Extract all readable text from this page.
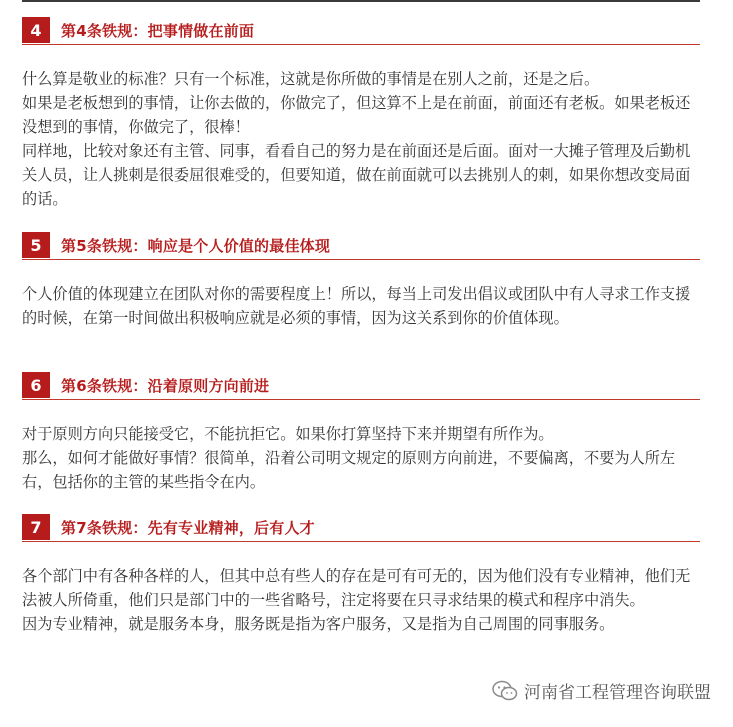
4	第4条铁规：把事情做在前面

什么算是敬业的标准？只有一个标准，这就是你所做的事情是在别人之前，还是之后。

如果是老板想到的事情，让你去做的，你做完了，但这算不上是在前面，前面还有老板。如果老板还没想到的事情，你做完了，很棒！

同样地，比较对象还有主管、同事，看看自己的努力是在前面还是后面。面对一大摊子管理及后勤机关人员，让人挑刺是很委屈很难受的，但要知道，做在前面就可以去挑别人的刺，如果你想改变局面的话。

5	第5条铁规：响应是个人价值的最佳体现

个人价值的体现建立在团队对你的需要程度上！所以，每当上司发出倡议或团队中有人寻求工作支援的时候，在第一时间做出积极响应就是必须的事情，因为这关系到你的价值体现。

6	第6条铁规：沿着原则方向前进

对于原则方向只能接受它，不能抗拒它。如果你打算坚持下来并期望有所作为。

那么，如何才能做好事情？很简单，沿着公司明文规定的原则方向前进，不要偏离，不要为人所左右，包括你的主管的某些指令在内。

7	第7条铁规：先有专业精神，后有人才

各个部门中有各种各样的人，但其中总有些人的存在是可有可无的，因为他们没有专业精神，他们无法被人所倚重，他们只是部门中的一些省略号，注定将要在只寻求结果的模式和程序中消失。

因为专业精神，就是服务本身，服务既是指为客户服务，又是指为自己周围的同事服务。

河南省工程管理咨询联盟
